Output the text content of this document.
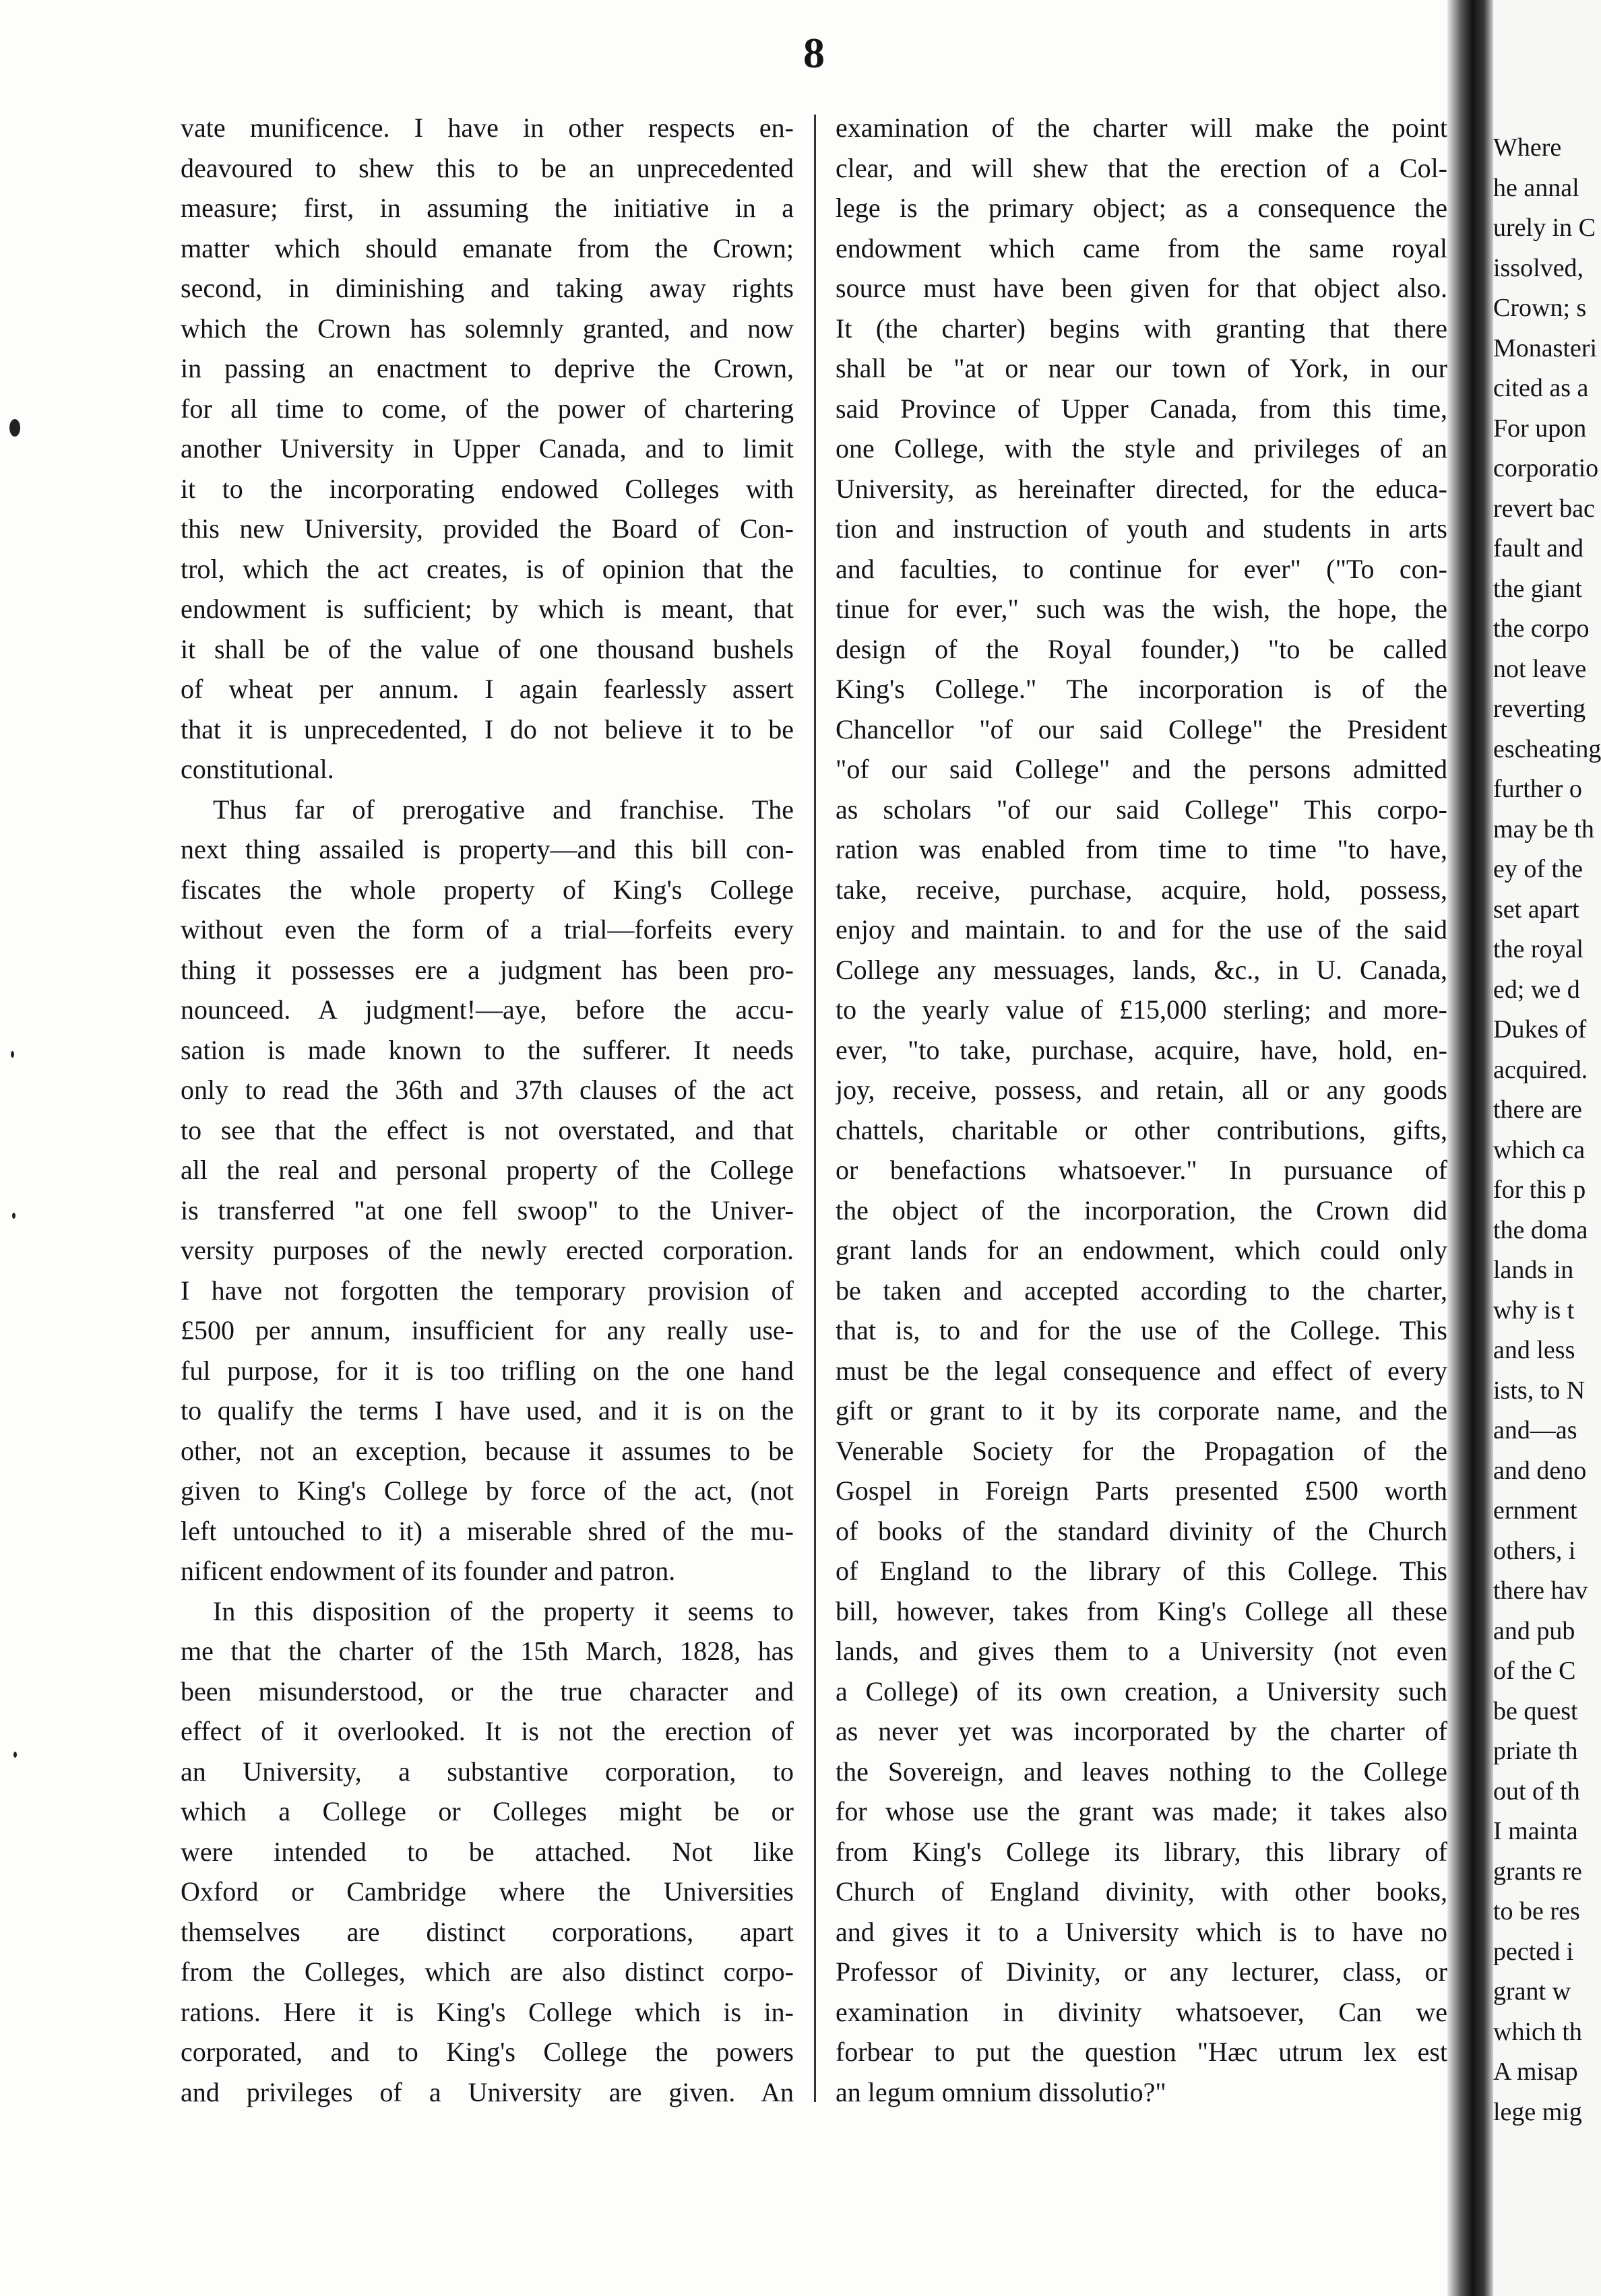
8
vate munificence. I have in other respects en-
deavoured to shew this to be an unprecedented
measure; first, in assuming the initiative in a
matter which should emanate from the Crown;
second, in diminishing and taking away rights
which the Crown has solemnly granted, and now
in passing an enactment to deprive the Crown,
for all time to come, of the power of chartering
another University in Upper Canada, and to limit
it to the incorporating endowed Colleges with
this new University, provided the Board of Con-
trol, which the act creates, is of opinion that the
endowment is sufficient; by which is meant, that
it shall be of the value of one thousand bushels
of wheat per annum. I again fearlessly assert
that it is unprecedented, I do not believe it to be
constitutional.
Thus far of prerogative and franchise. The
next thing assailed is property—and this bill con-
fiscates the whole property of King's College
without even the form of a trial—forfeits every
thing it possesses ere a judgment has been pro-
nounceed. A judgment!—aye, before the accu-
sation is made known to the sufferer. It needs
only to read the 36th and 37th clauses of the act
to see that the effect is not overstated, and that
all the real and personal property of the College
is transferred "at one fell swoop" to the Univer-
versity purposes of the newly erected corporation.
I have not forgotten the temporary provision of
£500 per annum, insufficient for any really use-
ful purpose, for it is too trifling on the one hand
to qualify the terms I have used, and it is on the
other, not an exception, because it assumes to be
given to King's College by force of the act, (not
left untouched to it) a miserable shred of the mu-
nificent endowment of its founder and patron.
In this disposition of the property it seems to
me that the charter of the 15th March, 1828, has
been misunderstood, or the true character and
effect of it overlooked. It is not the erection of
an University, a substantive corporation, to
which a College or Colleges might be or
were intended to be attached. Not like
Oxford or Cambridge where the Universities
themselves are distinct corporations, apart
from the Colleges, which are also distinct corpo-
rations. Here it is King's College which is in-
corporated, and to King's College the powers
and privileges of a University are given. An
examination of the charter will make the point
clear, and will shew that the erection of a Col-
lege is the primary object; as a consequence the
endowment which came from the same royal
source must have been given for that object also.
It (the charter) begins with granting that there
shall be "at or near our town of York, in our
said Province of Upper Canada, from this time,
one College, with the style and privileges of an
University, as hereinafter directed, for the educa-
tion and instruction of youth and students in arts
and faculties, to continue for ever" ("To con-
tinue for ever," such was the wish, the hope, the
design of the Royal founder,) "to be called
King's College." The incorporation is of the
Chancellor "of our said College" the President
"of our said College" and the persons admitted
as scholars "of our said College" This corpo-
ration was enabled from time to time "to have,
take, receive, purchase, acquire, hold, possess,
enjoy and maintain. to and for the use of the said
College any messuages, lands, &c., in U. Canada,
to the yearly value of £15,000 sterling; and more-
ever, "to take, purchase, acquire, have, hold, en-
joy, receive, possess, and retain, all or any goods
chattels, charitable or other contributions, gifts,
or benefactions whatsoever." In pursuance of
the object of the incorporation, the Crown did
grant lands for an endowment, which could only
be taken and accepted according to the charter,
that is, to and for the use of the College. This
must be the legal consequence and effect of every
gift or grant to it by its corporate name, and the
Venerable Society for the Propagation of the
Gospel in Foreign Parts presented £500 worth
of books of the standard divinity of the Church
of England to the library of this College. This
bill, however, takes from King's College all these
lands, and gives them to a University (not even
a College) of its own creation, a University such
as never yet was incorporated by the charter of
the Sovereign, and leaves nothing to the College
for whose use the grant was made; it takes also
from King's College its library, this library of
Church of England divinity, with other books,
and gives it to a University which is to have no
Professor of Divinity, or any lecturer, class, or
examination in divinity whatsoever, Can we
forbear to put the question "Hæc utrum lex est
an legum omnium dissolutio?"
Where
he annal
urely in C
issolved,
Crown; s
Monasteri
cited as a
For upon
corporatio
revert bac
fault and
the giant
the corpo
not leave
reverting
escheating
further o
may be th
ey of the
set apart
the royal
ed; we d
Dukes of
acquired.
there are
which ca
for this p
the doma
lands in
why is t
and less
ists, to N
and—as
and deno
ernment
others, i
there hav
and pub
of the C
be quest
priate th
out of th
I mainta
grants re
to be res
pected i
grant w
which th
A misap
lege mig
